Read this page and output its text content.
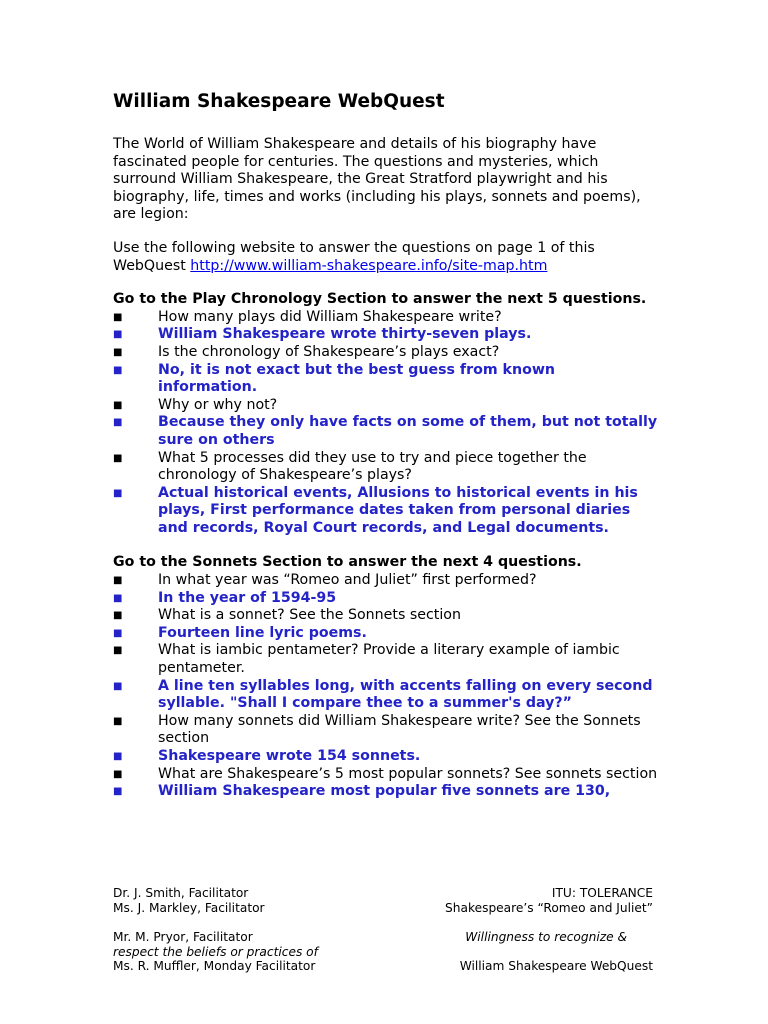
William Shakespeare WebQuest

The World of William Shakespeare and details of his biography have fascinated people for centuries. The questions and mysteries, which surround William Shakespeare, the Great Stratford playwright and his biography, life, times and works (including his plays, sonnets and poems), are legion:

Use the following website to answer the questions on page 1 of this WebQuest http://www.william-shakespeare.info/site-map.htm

Go to the Play Chronology Section to answer the next 5 questions.

■	How many plays did William Shakespeare write?
■	William Shakespeare wrote thirty-seven plays.
■	Is the chronology of Shakespeare’s plays exact?
■	No, it is not exact but the best guess from known information.
■	Why or why not?
■	Because they only have facts on some of them, but not totally sure on others
■	What 5 processes did they use to try and piece together the chronology of Shakespeare’s plays?
■	Actual historical events, Allusions to historical events in his plays, First performance dates taken from personal diaries and records, Royal Court records, and Legal documents.

Go to the Sonnets Section to answer the next 4 questions.

■	In what year was “Romeo and Juliet” first performed?
■	In the year of 1594-95
■	What is a sonnet? See the Sonnets section
■	Fourteen line lyric poems.
■	What is iambic pentameter? Provide a literary example of iambic pentameter.
■	A line ten syllables long, with accents falling on every second syllable. "Shall I compare thee to a summer's day?”
■	How many sonnets did William Shakespeare write? See the Sonnets section
■	Shakespeare wrote 154 sonnets.
■	What are Shakespeare’s 5 most popular sonnets? See sonnets section
■	William Shakespeare most popular five sonnets are 130,
Dr. J. Smith, Facilitator	ITU: TOLERANCE
Ms. J. Markley, Facilitator	Shakespeare’s “Romeo and Juliet”
Mr. M. Pryor, Facilitator	Willingness to recognize &
respect the beliefs or practices of
Ms. R. Muffler, Monday Facilitator	William Shakespeare WebQuest
